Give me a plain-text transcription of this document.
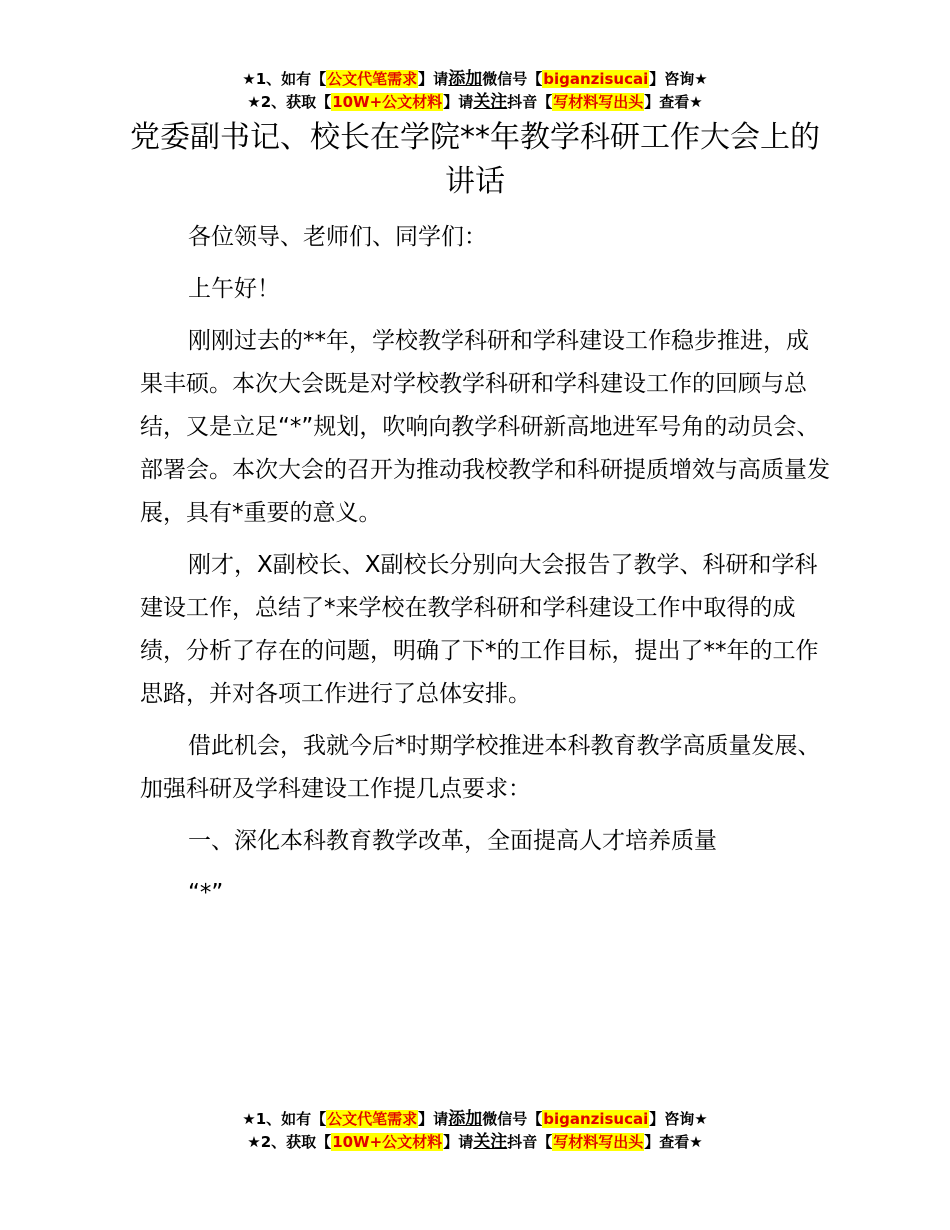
★1、如有【公文代笔需求】请添加微信号【biganzisucai】咨询★
★2、获取【10W+公文材料】请关注抖音【写材料写出头】查看★
党委副书记、校长在学院**年教学科研工作大会上的讲话

各位领导、老师们、同学们：

上午好！

刚刚过去的**年，学校教学科研和学科建设工作稳步推进，成果丰硕。本次大会既是对学校教学科研和学科建设工作的回顾与总结，又是立足“*”规划，吹响向教学科研新高地进军号角的动员会、部署会。本次大会的召开为推动我校教学和科研提质增效与高质量发展，具有*重要的意义。

刚才，X副校长、X副校长分别向大会报告了教学、科研和学科建设工作，总结了*来学校在教学科研和学科建设工作中取得的成绩，分析了存在的问题，明确了下*的工作目标，提出了**年的工作思路，并对各项工作进行了总体安排。

借此机会，我就今后*时期学校推进本科教育教学高质量发展、加强科研及学科建设工作提几点要求：

一、深化本科教育教学改革，全面提高人才培养质量

“*”

★1、如有【公文代笔需求】请添加微信号【biganzisucai】咨询★
★2、获取【10W+公文材料】请关注抖音【写材料写出头】查看★
